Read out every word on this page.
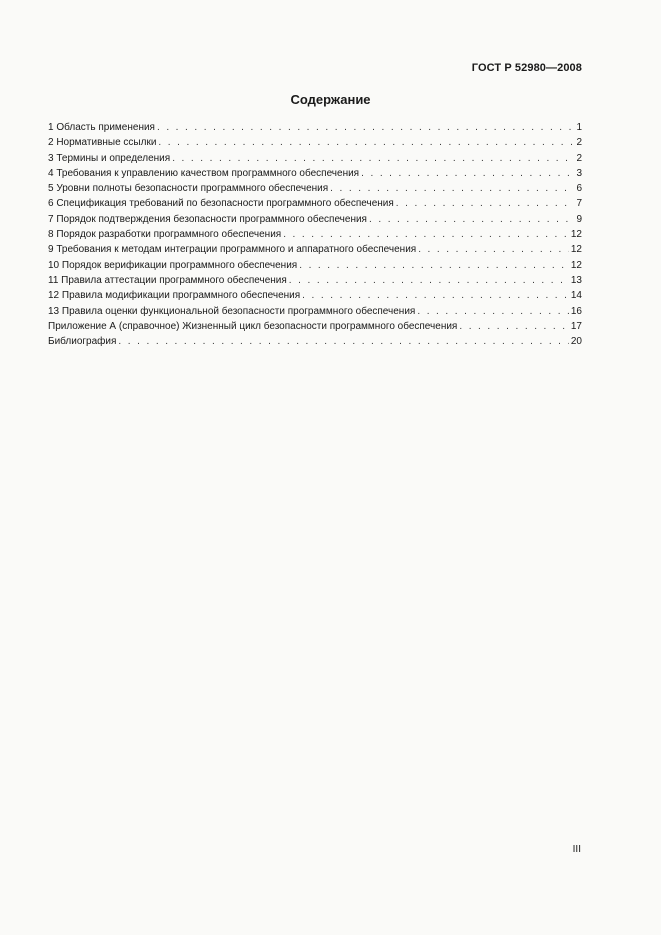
ГОСТ Р 52980—2008
Содержание
1 Область применения . . .	1
2 Нормативные ссылки . . .	2
3 Термины и определения . . .	2
4 Требования к управлению качеством программного обеспечения . . .	3
5 Уровни полноты безопасности программного обеспечения . . .	6
6 Спецификация требований по безопасности программного обеспечения . . .	7
7 Порядок подтверждения безопасности программного обеспечения . . .	9
8 Порядок разработки программного обеспечения . . .	12
9 Требования к методам интеграции программного и аппаратного обеспечения . . .	12
10 Порядок верификации программного обеспечения . . .	12
11 Правила аттестации программного обеспечения . . .	13
12 Правила модификации программного обеспечения . . .	14
13 Правила оценки функциональной безопасности программного обеспечения . . .	16
Приложение А (справочное) Жизненный цикл безопасности программного обеспечения . . .	17
Библиография . . .	20
III
